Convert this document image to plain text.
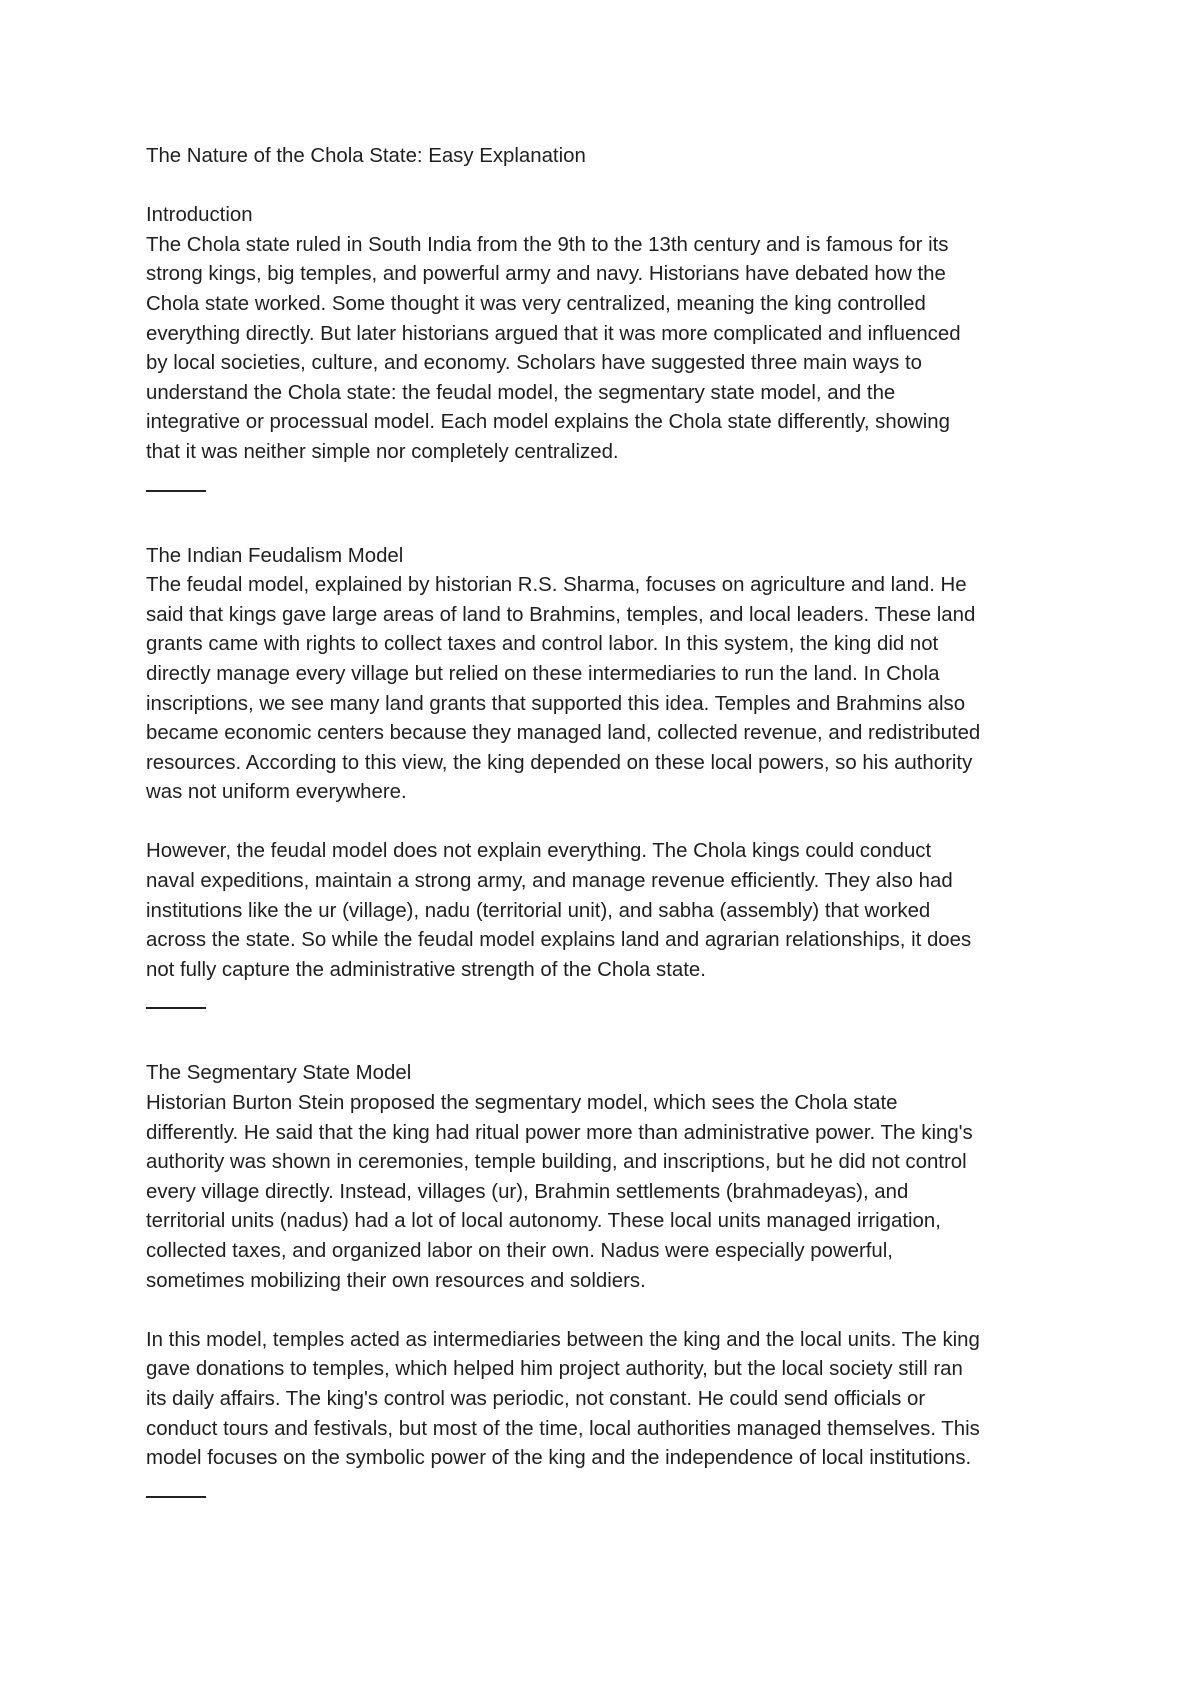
The Nature of the Chola State: Easy Explanation
Introduction
The Chola state ruled in South India from the 9th to the 13th century and is famous for its
strong kings, big temples, and powerful army and navy. Historians have debated how the
Chola state worked. Some thought it was very centralized, meaning the king controlled
everything directly. But later historians argued that it was more complicated and influenced
by local societies, culture, and economy. Scholars have suggested three main ways to
understand the Chola state: the feudal model, the segmentary state model, and the
integrative or processual model. Each model explains the Chola state differently, showing
that it was neither simple nor completely centralized.
The Indian Feudalism Model
The feudal model, explained by historian R.S. Sharma, focuses on agriculture and land. He
said that kings gave large areas of land to Brahmins, temples, and local leaders. These land
grants came with rights to collect taxes and control labor. In this system, the king did not
directly manage every village but relied on these intermediaries to run the land. In Chola
inscriptions, we see many land grants that supported this idea. Temples and Brahmins also
became economic centers because they managed land, collected revenue, and redistributed
resources. According to this view, the king depended on these local powers, so his authority
was not uniform everywhere.
However, the feudal model does not explain everything. The Chola kings could conduct
naval expeditions, maintain a strong army, and manage revenue efficiently. They also had
institutions like the ur (village), nadu (territorial unit), and sabha (assembly) that worked
across the state. So while the feudal model explains land and agrarian relationships, it does
not fully capture the administrative strength of the Chola state.
The Segmentary State Model
Historian Burton Stein proposed the segmentary model, which sees the Chola state
differently. He said that the king had ritual power more than administrative power. The king's
authority was shown in ceremonies, temple building, and inscriptions, but he did not control
every village directly. Instead, villages (ur), Brahmin settlements (brahmadeyas), and
territorial units (nadus) had a lot of local autonomy. These local units managed irrigation,
collected taxes, and organized labor on their own. Nadus were especially powerful,
sometimes mobilizing their own resources and soldiers.
In this model, temples acted as intermediaries between the king and the local units. The king
gave donations to temples, which helped him project authority, but the local society still ran
its daily affairs. The king's control was periodic, not constant. He could send officials or
conduct tours and festivals, but most of the time, local authorities managed themselves. This
model focuses on the symbolic power of the king and the independence of local institutions.
